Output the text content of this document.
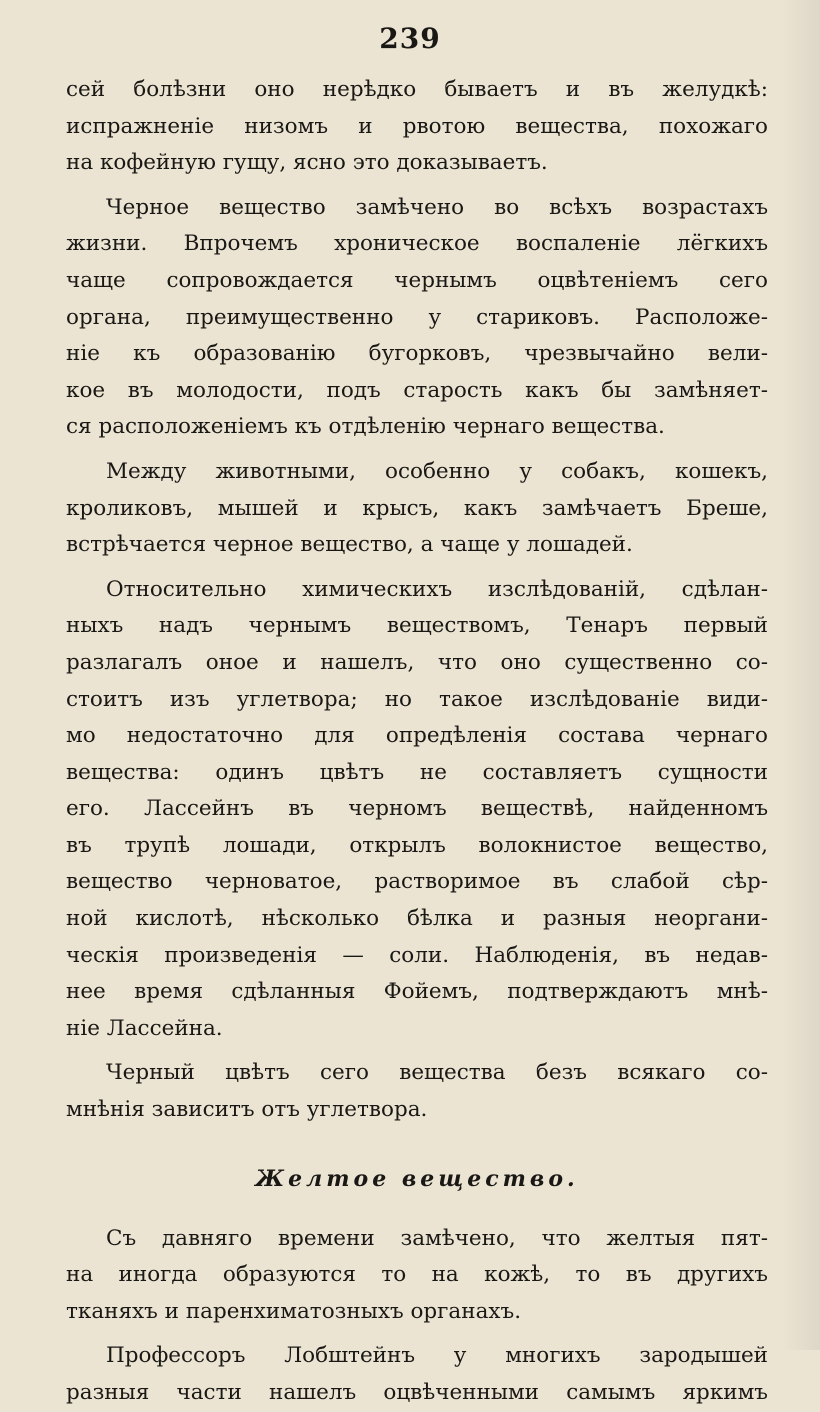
239
сей болѣзни оно нерѣдко бываетъ и въ желудкѣ:
испражненіе низомъ и рвотою вещества, похожаго
на кофейную гущу, ясно это доказываетъ.
Черное вещество замѣчено во всѣхъ возрастахъ
жизни. Впрочемъ хроническое воспаленіе лёгкихъ
чаще сопровождается чернымъ оцвѣтеніемъ сего
органа, преимущественно у стариковъ. Расположе-
ніе къ образованію бугорковъ, чрезвычайно вели-
кое въ молодости, подъ старость какъ бы замѣняет-
ся расположеніемъ къ отдѣленію чернаго вещества.
Между животными, особенно у собакъ, кошекъ,
кроликовъ, мышей и крысъ, какъ замѣчаетъ Брешe,
встрѣчается черное вещество, а чаще у лошадей.
Относительно химическихъ изслѣдованій, сдѣлан-
ныхъ надъ чернымъ веществомъ, Тенаръ первый
разлагалъ оное и нашелъ, что оно существенно со-
стоитъ изъ углетвора; но такое изслѣдованіе види-
мо недостаточно для опредѣленія состава чернаго
вещества: одинъ цвѣтъ не составляетъ сущности
его. Лассейнъ въ черномъ веществѣ, найденномъ
въ трупѣ лошади, открылъ волокнистое вещество,
вещество черноватое, растворимое въ слабой сѣр-
ной кислотѣ, нѣсколько бѣлка и разныя неоргани-
ческія произведенія — соли. Наблюденія, въ недав-
нее время сдѣланныя Фойемъ, подтверждаютъ мнѣ-
ніе Лассейна.
Черный цвѣтъ сего вещества безъ всякаго со-
мнѣнія зависитъ отъ углетвора.
Желтое вещество.
Съ давняго времени замѣчено, что желтыя пят-
на иногда образуются то на кожѣ, то въ другихъ
тканяхъ и паренхиматозныхъ органахъ.
Профессоръ Лобштейнъ у многихъ зародышей
разныя части нашелъ оцвѣченными самымъ яркимъ
